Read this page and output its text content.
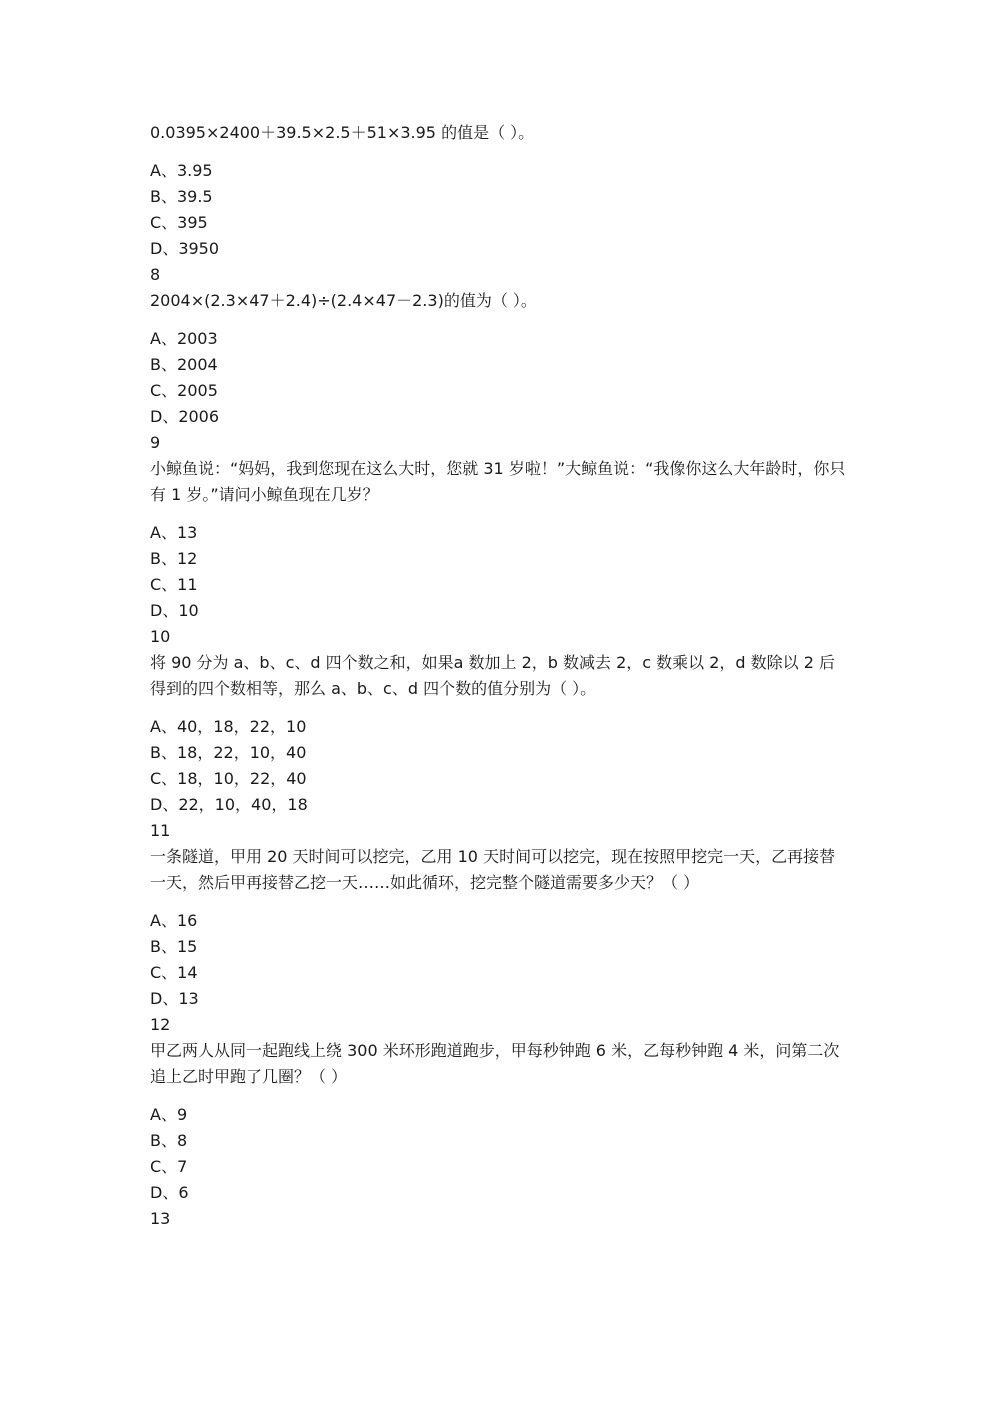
0.0395×2400＋39.5×2.5＋51×3.95 的值是（ ）。
A、3.95
B、39.5
C、395
D、3950
8
2004×(2.3×47＋2.4)÷(2.4×47－2.3)的值为（ ）。
A、2003
B、2004
C、2005
D、2006
9
小鲸鱼说：“妈妈，我到您现在这么大时，您就 31 岁啦！”大鲸鱼说：“我像你这么大年龄时，你只有 1 岁。”请问小鲸鱼现在几岁？
A、13
B、12
C、11
D、10
10
将 90 分为 a、b、c、d 四个数之和，如果a 数加上 2，b 数减去 2，c 数乘以 2，d 数除以 2 后得到的四个数相等，那么 a、b、c、d 四个数的值分别为（ ）。
A、40，18，22，10
B、18，22，10，40
C、18，10，22，40
D、22，10，40，18
11
一条隧道，甲用 20 天时间可以挖完，乙用 10 天时间可以挖完，现在按照甲挖完一天，乙再接替一天，然后甲再接替乙挖一天……如此循环，挖完整个隧道需要多少天？（ ）
A、16
B、15
C、14
D、13
12
甲乙两人从同一起跑线上绕 300 米环形跑道跑步，甲每秒钟跑 6 米，乙每秒钟跑 4 米，问第二次追上乙时甲跑了几圈？（ ）
A、9
B、8
C、7
D、6
13
